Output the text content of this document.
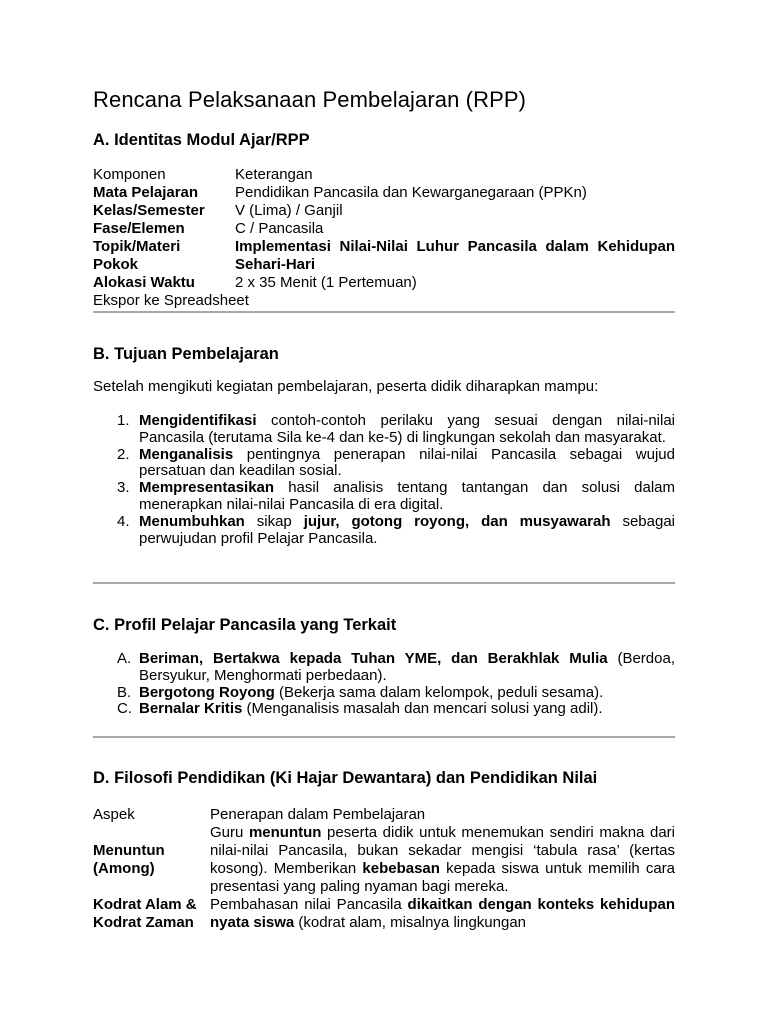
Rencana Pelaksanaan Pembelajaran (RPP)
A. Identitas Modul Ajar/RPP
Komponen	Keterangan
Mata Pelajaran	Pendidikan Pancasila dan Kewarganegaraan (PPKn)
Kelas/Semester	V (Lima) / Ganjil
Fase/Elemen	C / Pancasila
Topik/Materi Pokok	Implementasi Nilai-Nilai Luhur Pancasila dalam Kehidupan Sehari-Hari
Alokasi Waktu	2 x 35 Menit (1 Pertemuan)
Ekspor ke Spreadsheet	
B. Tujuan Pembelajaran

Setelah mengikuti kegiatan pembelajaran, peserta didik diharapkan mampu:

1. Mengidentifikasi contoh-contoh perilaku yang sesuai dengan nilai-nilai Pancasila (terutama Sila ke-4 dan ke-5) di lingkungan sekolah dan masyarakat.
2. Menganalisis pentingnya penerapan nilai-nilai Pancasila sebagai wujud persatuan dan keadilan sosial.
3. Mempresentasikan hasil analisis tentang tantangan dan solusi dalam menerapkan nilai-nilai Pancasila di era digital.
4. Menumbuhkan sikap jujur, gotong royong, dan musyawarah sebagai perwujudan profil Pelajar Pancasila.
C. Profil Pelajar Pancasila yang Terkait
A. Beriman, Bertakwa kepada Tuhan YME, dan Berakhlak Mulia (Berdoa, Bersyukur, Menghormati perbedaan).
B. Bergotong Royong (Bekerja sama dalam kelompok, peduli sesama).
C. Bernalar Kritis (Menganalisis masalah dan mencari solusi yang adil).
D. Filosofi Pendidikan (Ki Hajar Dewantara) dan Pendidikan Nilai
Aspek	Penerapan dalam Pembelajaran
Menuntun (Among)	Guru menuntun peserta didik untuk menemukan sendiri makna dari nilai-nilai Pancasila, bukan sekadar mengisi ‘tabula rasa’ (kertas kosong). Memberikan kebebasan kepada siswa untuk memilih cara presentasi yang paling nyaman bagi mereka.
Kodrat Alam & Kodrat Zaman	Pembahasan nilai Pancasila dikaitkan dengan konteks kehidupan nyata siswa (kodrat alam, misalnya lingkungan
